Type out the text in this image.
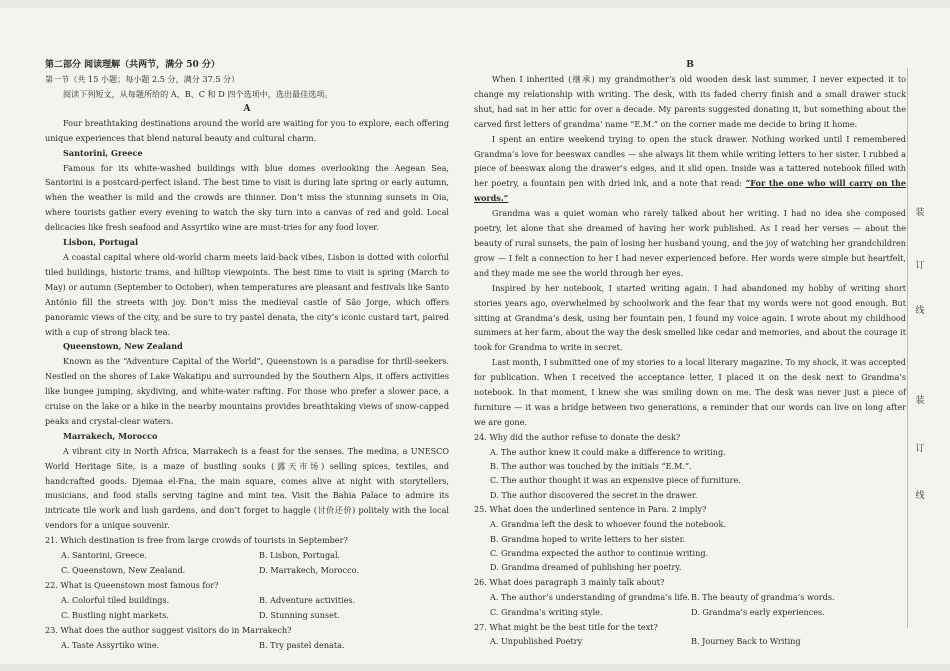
第二部分 阅读理解（共两节，满分 50 分）

第一节（共 15 小题；每小题 2.5 分，满分 37.5 分）

阅读下列短文，从每题所给的 A、B、C 和 D 四个选项中，选出最佳选项。

A

Four breathtaking destinations around the world are waiting for you to explore, each offering unique experiences that blend natural beauty and cultural charm.

Santorini, Greece

Famous for its white-washed buildings with blue domes overlooking the Aegean Sea, Santorini is a postcard-perfect island. The best time to visit is during late spring or early autumn, when the weather is mild and the crowds are thinner. Don’t miss the stunning sunsets in Oia, where tourists gather every evening to watch the sky turn into a canvas of red and gold. Local delicacies like fresh seafood and Assyrtiko wine are must-tries for any food lover.

Lisbon, Portugal

A coastal capital where old-world charm meets laid-back vibes, Lisbon is dotted with colorful tiled buildings, historic trams, and hilltop viewpoints. The best time to visit is spring (March to May) or autumn (September to October), when temperatures are pleasant and festivals like Santo António fill the streets with joy. Don’t miss the medieval castle of São Jorge, which offers panoramic views of the city, and be sure to try pastel denata, the city’s iconic custard tart, paired with a cup of strong black tea.

Queenstown, New Zealand

Known as the “Adventure Capital of the World”, Queenstown is a paradise for thrill-seekers. Nestled on the shores of Lake Wakatipu and surrounded by the Southern Alps, it offers activities like bungee jumping, skydiving, and white-water rafting. For those who prefer a slower pace, a cruise on the lake or a hike in the nearby mountains provides breathtaking views of snow-capped peaks and crystal-clear waters.

Marrakech, Morocco

A vibrant city in North Africa, Marrakech is a feast for the senses. The medina, a UNESCO World Heritage Site, is a maze of bustling souks (露天市场) selling spices, textiles, and handcrafted goods. Djemaa el-Fna, the main square, comes alive at night with storytellers, musicians, and food stalls serving tagine and mint tea. Visit the Bahia Palace to admire its intricate tile work and lush gardens, and don’t forget to haggle (讨价还价) politely with the local vendors for a unique souvenir.

21. Which destination is free from large crowds of tourists in September?

A. Santorini, Greece.	B. Lisbon, Portugal.
C. Queenstown, New Zealand.	D. Marrakech, Morocco.

22. What is Queenstown most famous for?

A. Colorful tiled buildings.	B. Adventure activities.
C. Bustling night markets.	D. Stunning sunset.

23. What does the author suggest visitors do in Marrakech?

A. Taste Assyrtiko wine.	B. Try pastel denata.

B

When I inherited (继承) my grandmother’s old wooden desk last summer, I never expected it to change my relationship with writing. The desk, with its faded cherry finish and a small drawer stuck shut, had sat in her attic for over a decade. My parents suggested donating it, but something about the carved first letters of grandma’ name “E.M.” on the corner made me decide to bring it home.

I spent an entire weekend trying to open the stuck drawer. Nothing worked until I remembered Grandma’s love for beeswax candles — she always lit them while writing letters to her sister. I rubbed a piece of beeswax along the drawer’s edges, and it slid open. Inside was a tattered notebook filled with her poetry, a fountain pen with dried ink, and a note that read: “For the one who will carry on the words.”

Grandma was a quiet woman who rarely talked about her writing. I had no idea she composed poetry, let alone that she dreamed of having her work published. As I read her verses — about the beauty of rural sunsets, the pain of losing her husband young, and the joy of watching her grandchildren grow — I felt a connection to her I had never experienced before. Her words were simple but heartfelt, and they made me see the world through her eyes.

Inspired by her notebook, I started writing again. I had abandoned my hobby of writing short stories years ago, overwhelmed by schoolwork and the fear that my words were not good enough. But sitting at Grandma’s desk, using her fountain pen, I found my voice again. I wrote about my childhood summers at her farm, about the way the desk smelled like cedar and memories, and about the courage it took for Grandma to write in secret.

Last month, I submitted one of my stories to a local literary magazine. To my shock, it was accepted for publication. When I received the acceptance letter, I placed it on the desk next to Grandma’s notebook. In that moment, I knew she was smiling down on me. The desk was never just a piece of furniture — it was a bridge between two generations, a reminder that our words can live on long after we are gone.

24. Why did the author refuse to donate the desk?

A. The author knew it could make a difference to writing.

B. The author was touched by the initials “E.M.”.

C. The author thought it was an expensive piece of furniture.

D. The author discovered the secret in the drawer.

25. What does the underlined sentence in Para. 2 imply?

A. Grandma left the desk to whoever found the notebook.

B. Grandma hoped to write letters to her sister.

C. Grandma expected the author to continue writing.

D. Grandma dreamed of publishing her poetry.

26. What does paragraph 3 mainly talk about?

A. The author’s understanding of grandma’s life. B. The beauty of grandma’s words.
C. Grandma’s writing style.	D. Grandma’s early experiences.

27. What might be the best title for the text?

A. Unpublished Poetry	B. Journey Back to Writing
装
订
线
装
订
线
